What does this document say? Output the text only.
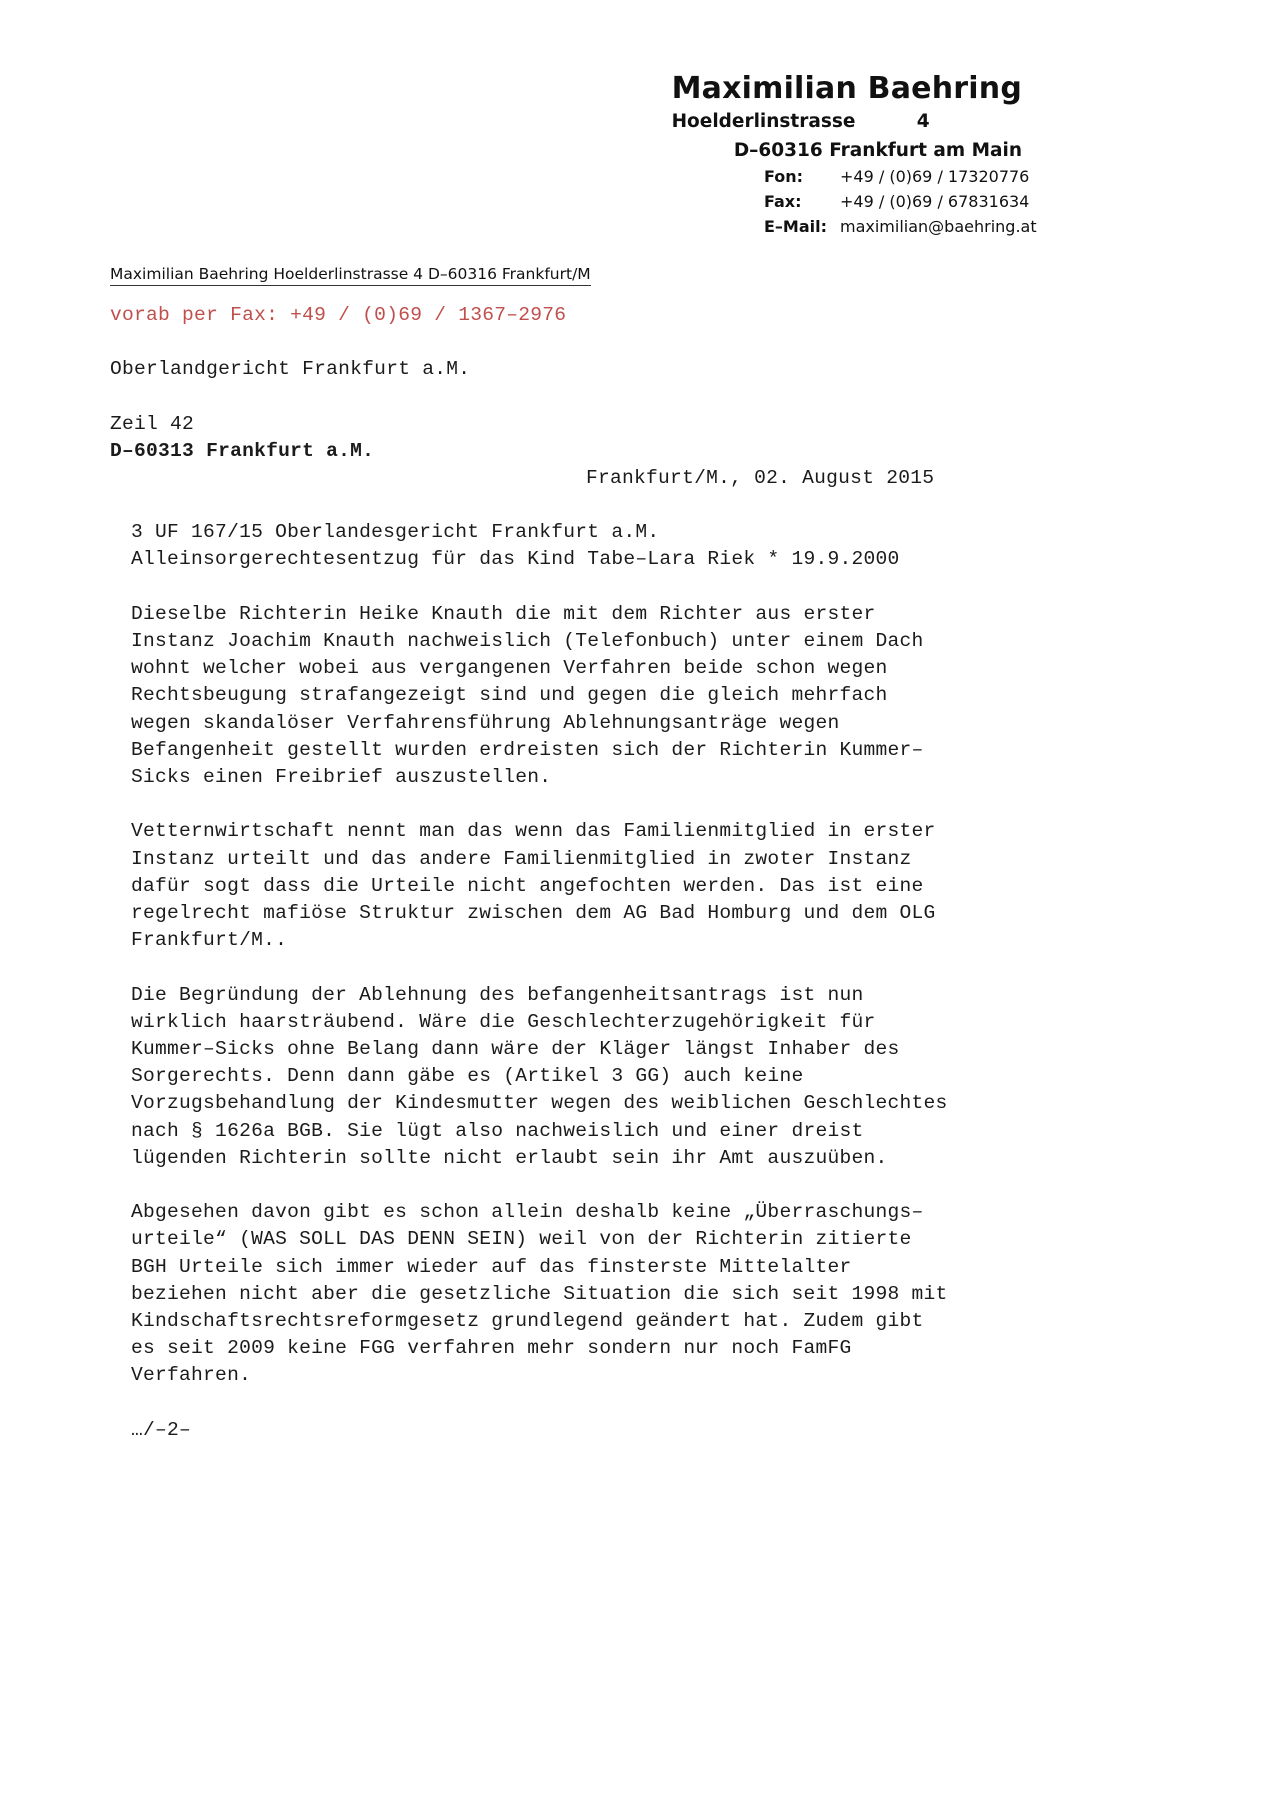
Maximilian Baehring
Hoelderlinstrasse	4
D–60316 Frankfurt am Main
Fon:	+49 / (0)69 / 17320776
Fax:	+49 / (0)69 / 67831634
E–Mail: maximilian@baehring.at
Maximilian Baehring Hoelderlinstrasse 4 D–60316 Frankfurt/M
vorab per Fax: +49 / (0)69 / 1367–2976
Oberlandgericht Frankfurt a.M.
Zeil 42
D–60313 Frankfurt a.M.
Frankfurt/M., 02. August 2015
3 UF 167/15 Oberlandesgericht Frankfurt a.M.
Alleinsorgerechtesentzug für das Kind Tabe–Lara Riek * 19.9.2000
Dieselbe Richterin Heike Knauth die mit dem Richter aus erster
Instanz Joachim Knauth nachweislich (Telefonbuch) unter einem Dach
wohnt welcher wobei aus vergangenen Verfahren beide schon wegen
Rechtsbeugung strafangezeigt sind und gegen die gleich mehrfach
wegen skandalöser Verfahrensführung Ablehnungsanträge wegen
Befangenheit gestellt wurden erdreisten sich der Richterin Kummer–
Sicks einen Freibrief auszustellen.
Vetternwirtschaft nennt man das wenn das Familienmitglied in erster
Instanz urteilt und das andere Familienmitglied in zwoter Instanz
dafür sogt dass die Urteile nicht angefochten werden. Das ist eine
regelrecht mafiöse Struktur zwischen dem AG Bad Homburg und dem OLG
Frankfurt/M..
Die Begründung der Ablehnung des befangenheitsantrags ist nun
wirklich haarsträubend. Wäre die Geschlechterzugehörigkeit für
Kummer–Sicks ohne Belang dann wäre der Kläger längst Inhaber des
Sorgerechts. Denn dann gäbe es (Artikel 3 GG) auch keine
Vorzugsbehandlung der Kindesmutter wegen des weiblichen Geschlechtes
nach § 1626a BGB. Sie lügt also nachweislich und einer dreist
lügenden Richterin sollte nicht erlaubt sein ihr Amt auszuüben.
Abgesehen davon gibt es schon allein deshalb keine „Überraschungs–
urteile“ (WAS SOLL DAS DENN SEIN) weil von der Richterin zitierte
BGH Urteile sich immer wieder auf das finsterste Mittelalter
beziehen nicht aber die gesetzliche Situation die sich seit 1998 mit
Kindschaftsrechtsreformgesetz grundlegend geändert hat. Zudem gibt
es seit 2009 keine FGG verfahren mehr sondern nur noch FamFG
Verfahren.
…/–2–
